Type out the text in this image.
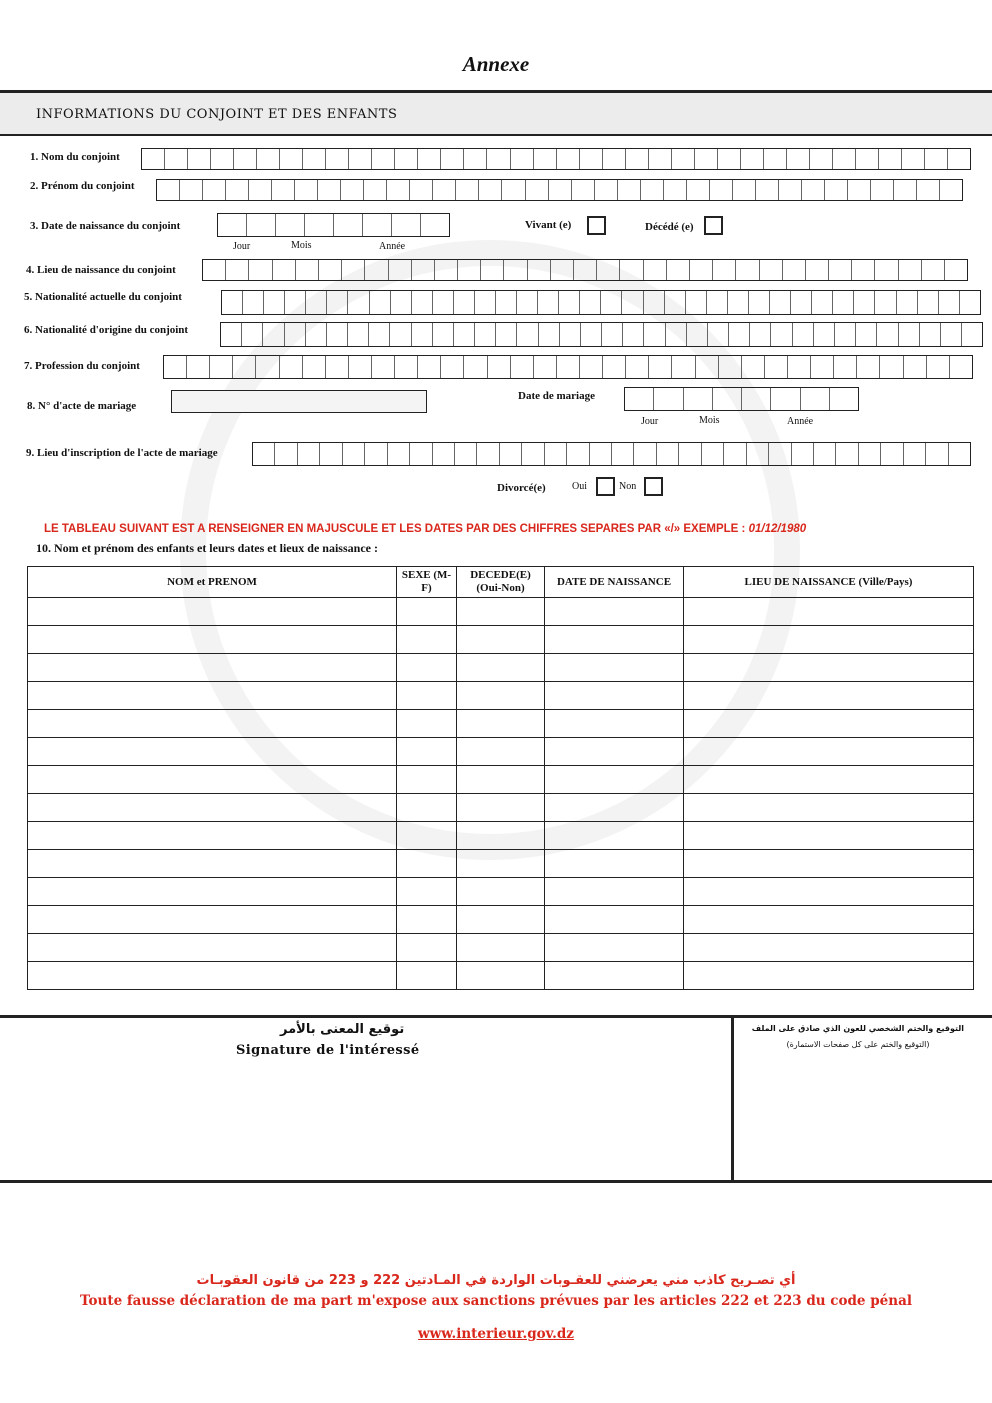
Annexe
INFORMATIONS DU CONJOINT ET DES ENFANTS
1. Nom du conjoint
2. Prénom du conjoint
3. Date de naissance du conjoint
Jour	Mois	Année
Vivant (e)	Décédé (e)
4. Lieu de naissance du conjoint
5. Nationalité actuelle du conjoint
6. Nationalité d'origine du conjoint
7. Profession du conjoint
8. N° d'acte de mariage
Date de mariage
Jour	Mois	Année
9. Lieu d'inscription de l'acte de mariage
Divorcé(e)	Oui	Non
LE TABLEAU SUIVANT EST A RENSEIGNER EN MAJUSCULE ET LES DATES PAR DES CHIFFRES SEPARES PAR «/» EXEMPLE : 01/12/1980
10. Nom et prénom des enfants et leurs dates et lieux de naissance :
NOM et PRENOM	SEXE (M-F)	DECEDE(E) (Oui-Non)	DATE DE NAISSANCE	LIEU DE NAISSANCE (Ville/Pays)

توقيع المعنى بالأمر
Signature de l'intéressé
التوقيع والختم الشخصي للعون الذي صادق على الملف
(التوقيع والختم على كل صفحات الاستمارة)
أي تصـريح كاذب مني يعرضني للعقـوبات الواردة في المـادتين 222 و 223 من قانون العقوبـات
Toute fausse déclaration de ma part m'expose aux sanctions prévues par les articles 222 et 223 du code pénal
www.interieur.gov.dz
